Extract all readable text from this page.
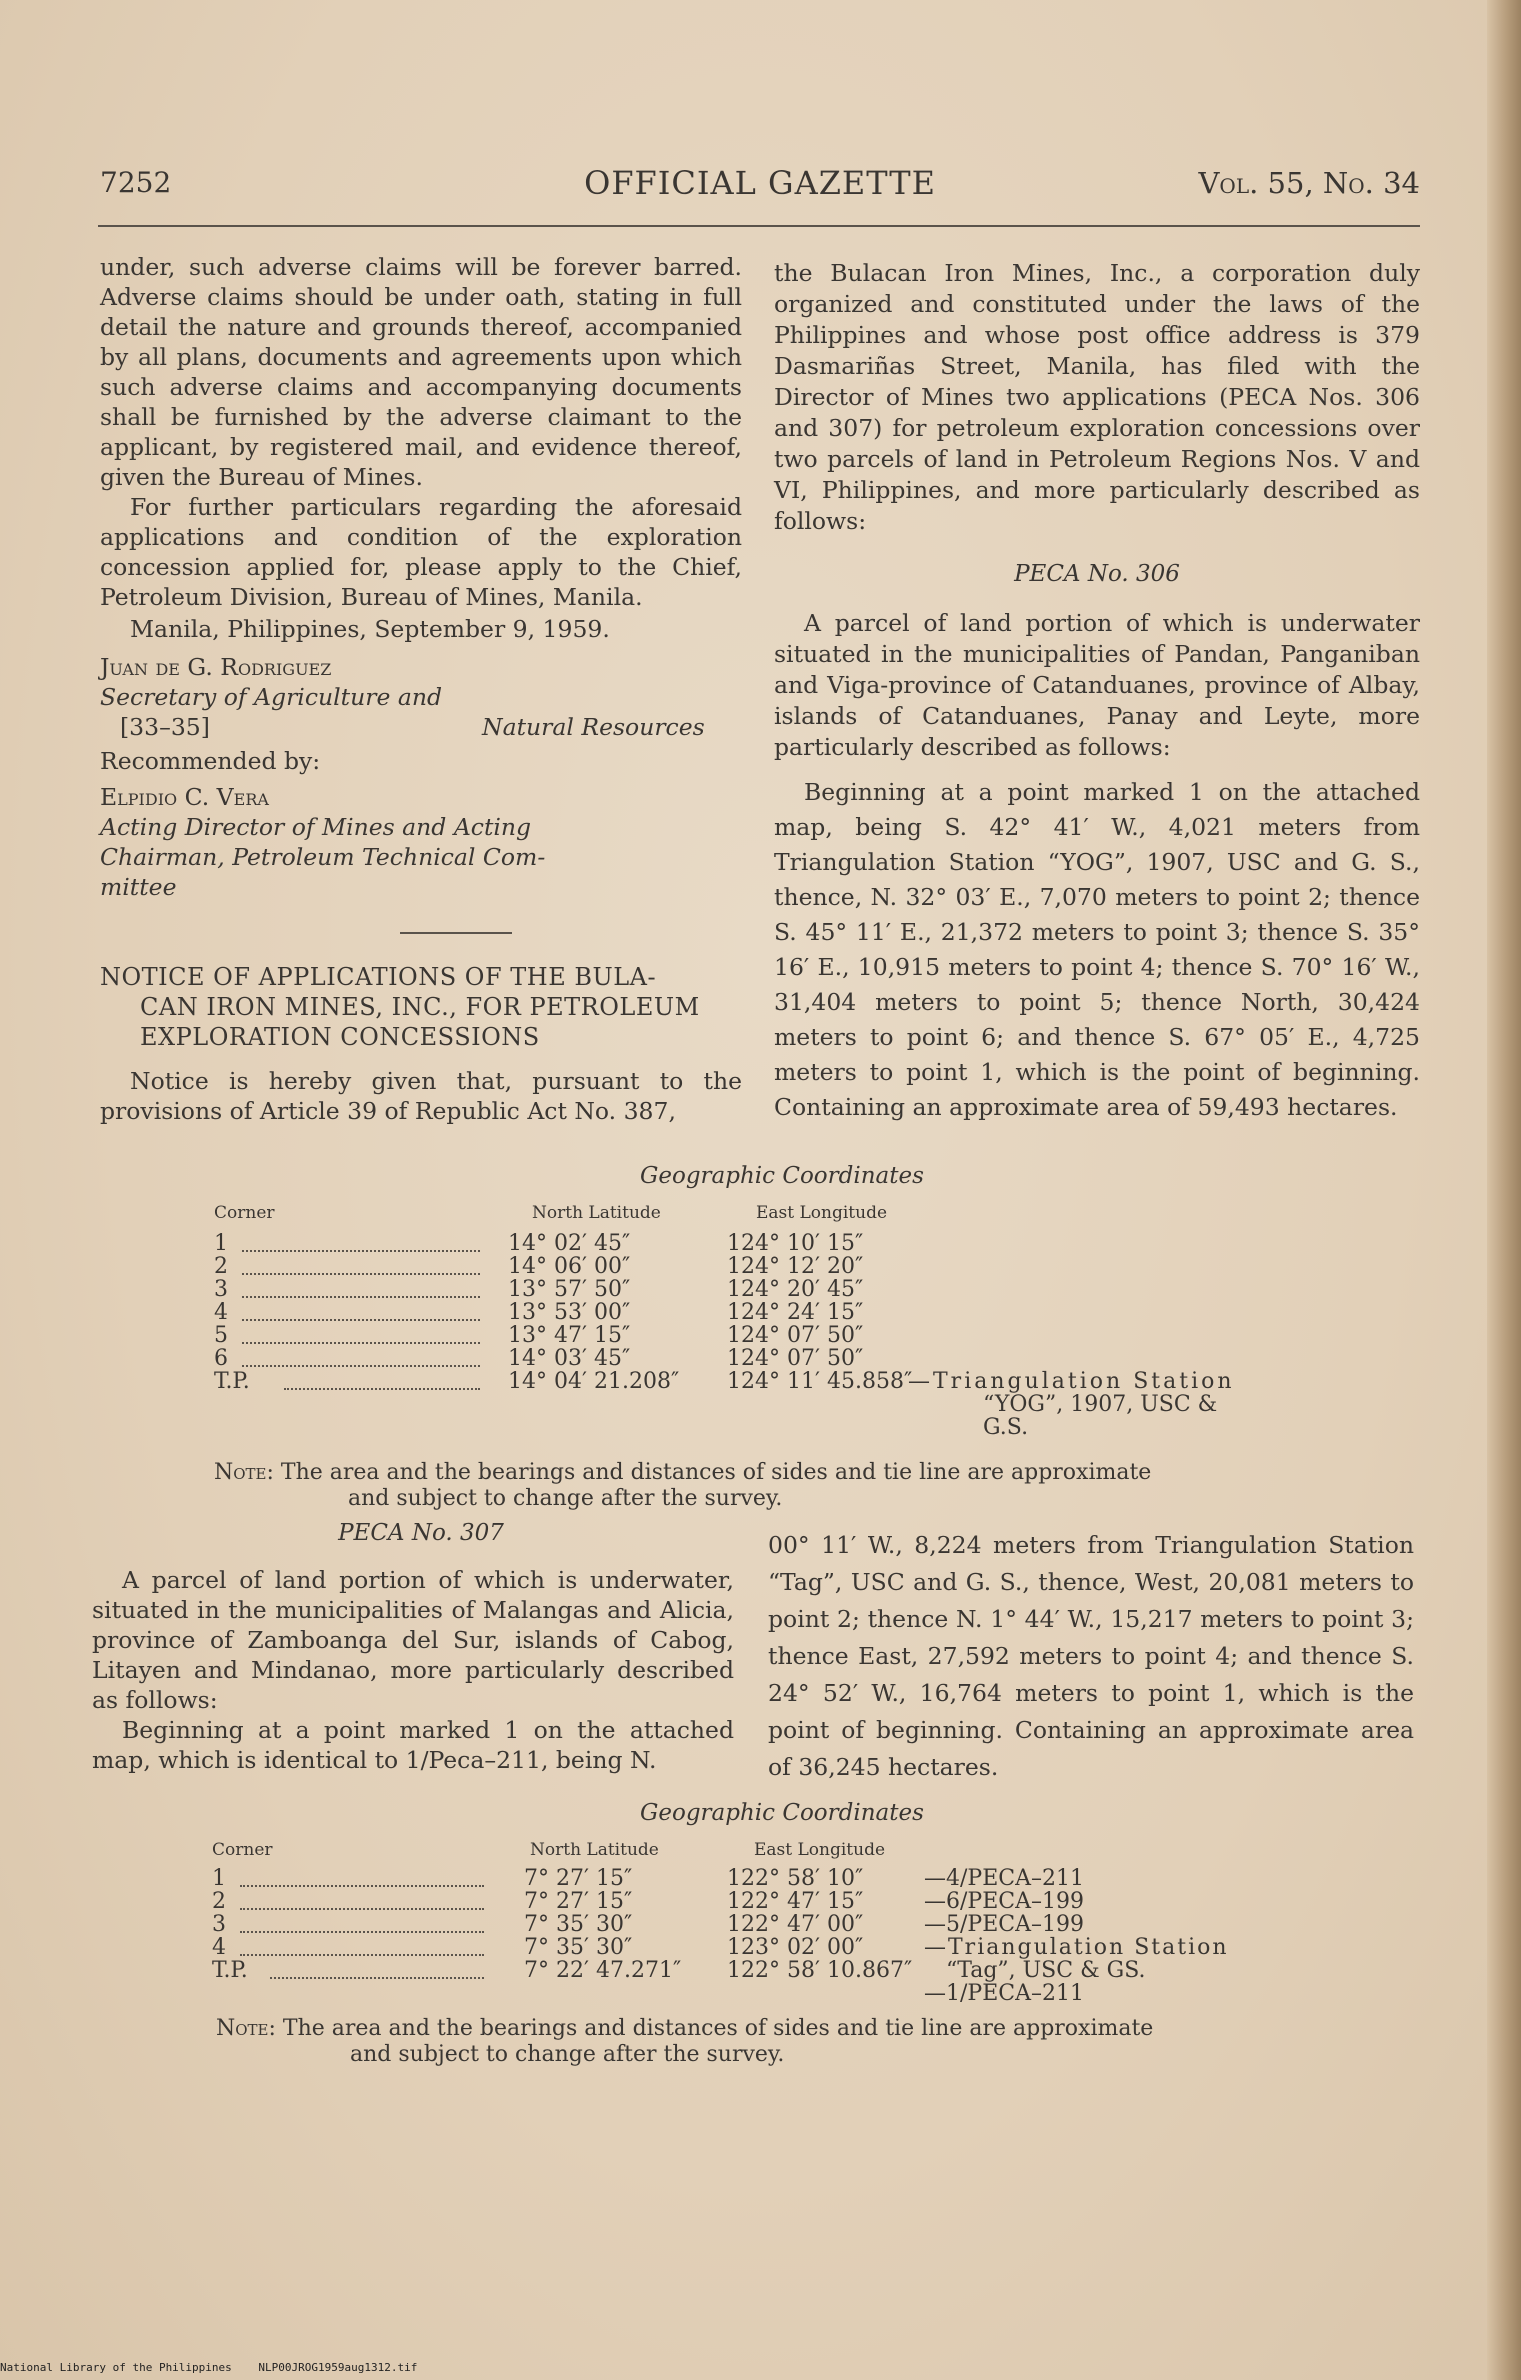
7252	OFFICIAL GAZETTE	Vol. 55, No. 34

under, such adverse claims will be forever barred. Adverse claims should be under oath, stating in full detail the nature and grounds thereof, accompanied by all plans, documents and agreements upon which such adverse claims and accompanying documents shall be furnished by the adverse claimant to the applicant, by registered mail, and evidence thereof, given the Bureau of Mines.

For further particulars regarding the aforesaid applications and condition of the exploration concession applied for, please apply to the Chief, Petroleum Division, Bureau of Mines, Manila.

Manila, Philippines, September 9, 1959.

Juan de G. Rodriguez

Secretary of Agriculture and

[33–35]	Natural Resources

Recommended by:

Elpidio C. Vera

Acting Director of Mines and Acting

Chairman, Petroleum Technical Com-

mittee

NOTICE OF APPLICATIONS OF THE BULA-
CAN IRON MINES, INC., FOR PETROLEUM
EXPLORATION CONCESSIONS

Notice is hereby given that, pursuant to the provisions of Article 39 of Republic Act No. 387,

the Bulacan Iron Mines, Inc., a corporation duly organized and constituted under the laws of the Philippines and whose post office address is 379 Dasmariñas Street, Manila, has filed with the Director of Mines two applications (PECA Nos. 306 and 307) for petroleum exploration concessions over two parcels of land in Petroleum Regions Nos. V and VI, Philippines, and more particularly described as follows:

PECA No. 306

A parcel of land portion of which is underwater situated in the municipalities of Pandan, Panganiban and Viga-province of Catanduanes, province of Albay, islands of Catanduanes, Panay and Leyte, more particularly described as follows:

Beginning at a point marked 1 on the attached map, being S. 42° 41′ W., 4,021 meters from Triangulation Station “YOG”, 1907, USC and G. S., thence, N. 32° 03′ E., 7,070 meters to point 2; thence S. 45° 11′ E., 21,372 meters to point 3; thence S. 35° 16′ E., 10,915 meters to point 4; thence S. 70° 16′ W., 31,404 meters to point 5; thence North, 30,424 meters to point 6; and thence S. 67° 05′ E., 4,725 meters to point 1, which is the point of beginning. Containing an approximate area of 59,493 hectares.

Geographic Coordinates
Corner	North Latitude	East Longitude
1	14° 02′ 45″	124° 10′ 15″
2	14° 06′ 00″	124° 12′ 20″
3	13° 57′ 50″	124° 20′ 45″
4	13° 53′ 00″	124° 24′ 15″
5	13° 47′ 15″	124° 07′ 50″
6	14° 03′ 45″	124° 07′ 50″
T.P.	14° 04′ 21.208″ 124° 11′ 45.858″
—Triangulation Station
“YOG”, 1907, USC &
G.S.
Note: The area and the bearings and distances of sides and tie line are approximate
and subject to change after the survey.
PECA No. 307

A parcel of land portion of which is underwater, situated in the municipalities of Malangas and Alicia, province of Zamboanga del Sur, islands of Cabog, Litayen and Mindanao, more particularly described as follows:

Beginning at a point marked 1 on the attached map, which is identical to 1/Peca–211, being N.

00° 11′ W., 8,224 meters from Triangulation Station “Tag”, USC and G. S., thence, West, 20,081 meters to point 2; thence N. 1° 44′ W., 15,217 meters to point 3; thence East, 27,592 meters to point 4; and thence S. 24° 52′ W., 16,764 meters to point 1, which is the point of beginning. Containing an approximate area of 36,245 hectares.

Geographic Coordinates
Corner	North Latitude	East Longitude
1	7° 27′ 15″	122° 58′ 10″	—4/PECA–211
2	7° 27′ 15″	122° 47′ 15″	—6/PECA–199
3	7° 35′ 30″	122° 47′ 00″	—5/PECA–199
4	7° 35′ 30″	123° 02′ 00″	—Triangulation Station
T.P.	7° 22′ 47.271″ 122° 58′ 10.867″ “Tag”, USC & GS.
—1/PECA–211
Note: The area and the bearings and distances of sides and tie line are approximate
and subject to change after the survey.
National Library of the Philippines NLP00JROG1959aug1312.tif
